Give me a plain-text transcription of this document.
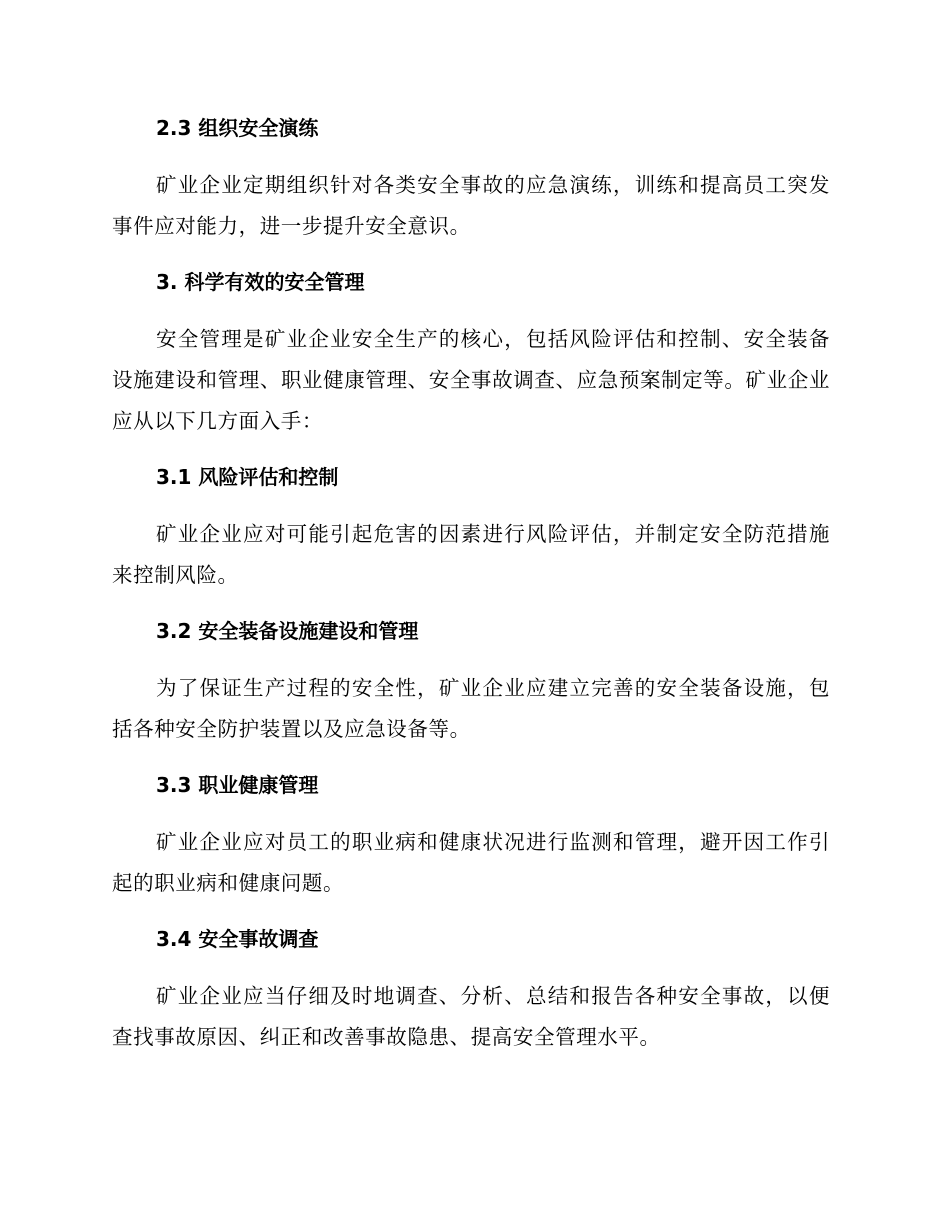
2.3 组织安全演练

矿业企业定期组织针对各类安全事故的应急演练，训练和提高员工突发事件应对能力，进一步提升安全意识。

3. 科学有效的安全管理

安全管理是矿业企业安全生产的核心，包括风险评估和控制、安全装备设施建设和管理、职业健康管理、安全事故调查、应急预案制定等。矿业企业应从以下几方面入手：

3.1 风险评估和控制

矿业企业应对可能引起危害的因素进行风险评估，并制定安全防范措施来控制风险。

3.2 安全装备设施建设和管理

为了保证生产过程的安全性，矿业企业应建立完善的安全装备设施，包括各种安全防护装置以及应急设备等。

3.3 职业健康管理

矿业企业应对员工的职业病和健康状况进行监测和管理，避开因工作引起的职业病和健康问题。

3.4 安全事故调查

矿业企业应当仔细及时地调查、分析、总结和报告各种安全事故，以便查找事故原因、纠正和改善事故隐患、提高安全管理水平。
